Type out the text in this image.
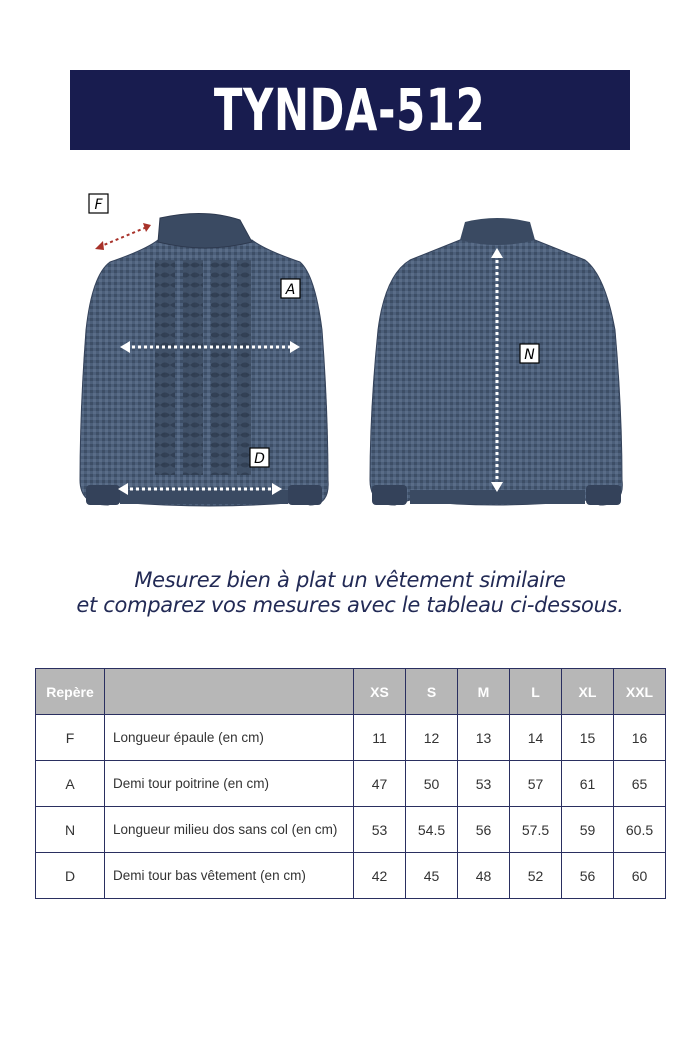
TYNDA-512
F
A
D
N
Mesurez bien à plat un vêtement similaire
et comparez vos mesures avec le tableau ci-dessous.
Repère		XS	S	M	L	XL	XXL
F	Longueur épaule (en cm)	11	12	13	14	15	16
A	Demi tour poitrine (en cm)	47	50	53	57	61	65
N	Longueur milieu dos sans col (en cm)	53	54.5	56	57.5	59	60.5
D	Demi tour bas vêtement (en cm)	42	45	48	52	56	60
